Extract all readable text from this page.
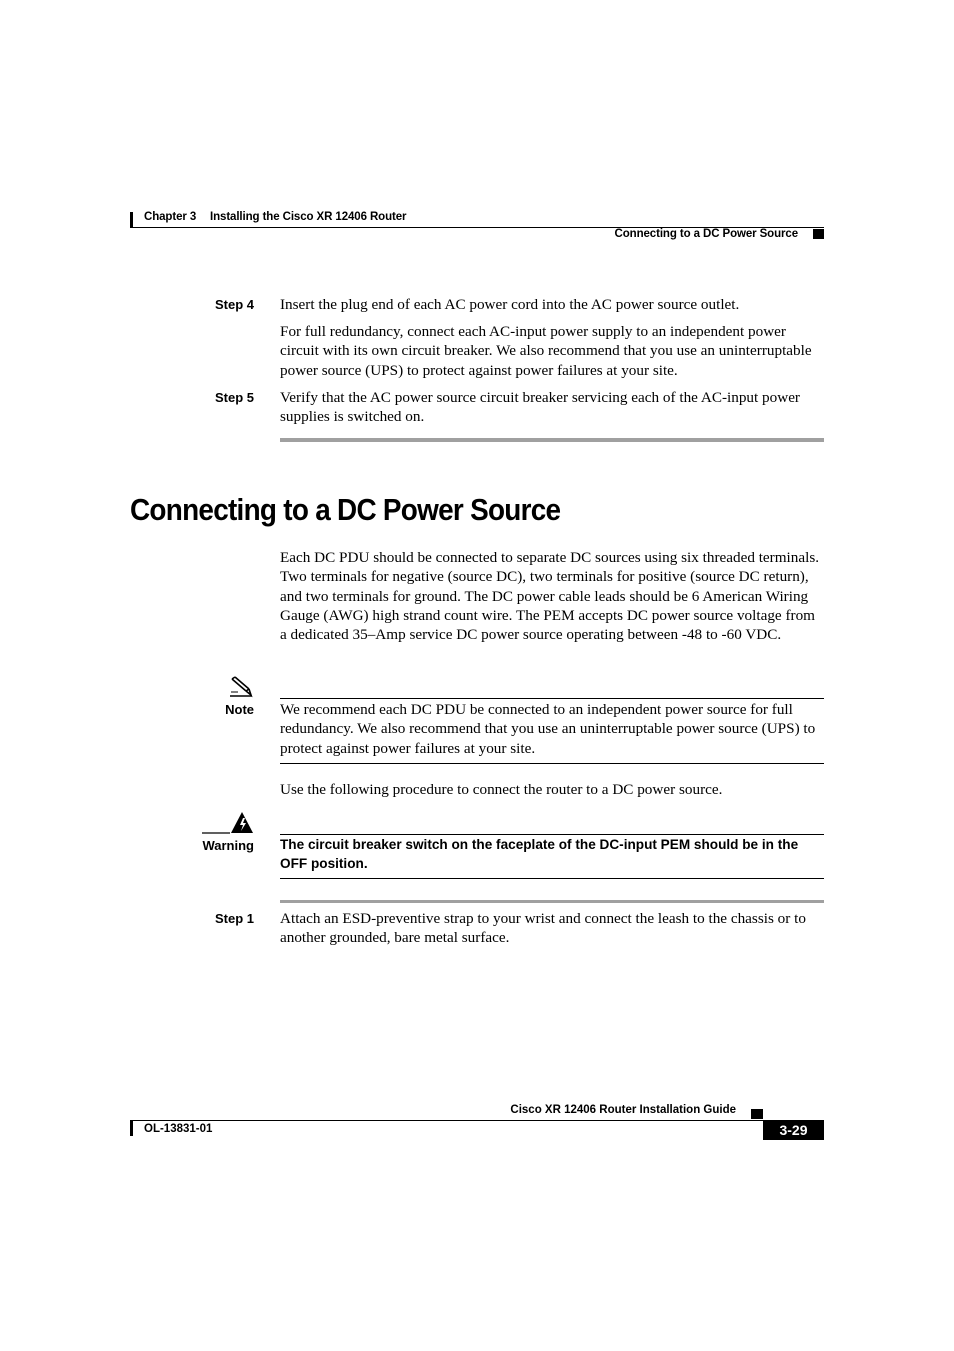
Chapter 3 Installing the Cisco XR 12406 Router
Connecting to a DC Power Source
Step 4 Insert the plug end of each AC power cord into the AC power source outlet.
For full redundancy, connect each AC-input power supply to an independent power circuit with its own circuit breaker. We also recommend that you use an uninterruptable power source (UPS) to protect against power failures at your site.
Step 5 Verify that the AC power source circuit breaker servicing each of the AC-input power supplies is switched on.
Connecting to a DC Power Source
Each DC PDU should be connected to separate DC sources using six threaded terminals. Two terminals for negative (source DC), two terminals for positive (source DC return), and two terminals for ground. The DC power cable leads should be 6 American Wiring Gauge (AWG) high strand count wire. The PEM accepts DC power source voltage from a dedicated 35–Amp service DC power source operating between -48 to -60 VDC.
Note We recommend each DC PDU be connected to an independent power source for full redundancy. We also recommend that you use an uninterruptable power source (UPS) to protect against power failures at your site.
Use the following procedure to connect the router to a DC power source.
Warning The circuit breaker switch on the faceplate of the DC-input PEM should be in the OFF position.
Step 1 Attach an ESD-preventive strap to your wrist and connect the leash to the chassis or to another grounded, bare metal surface.
Cisco XR 12406 Router Installation Guide
OL-13831-01	3-29
